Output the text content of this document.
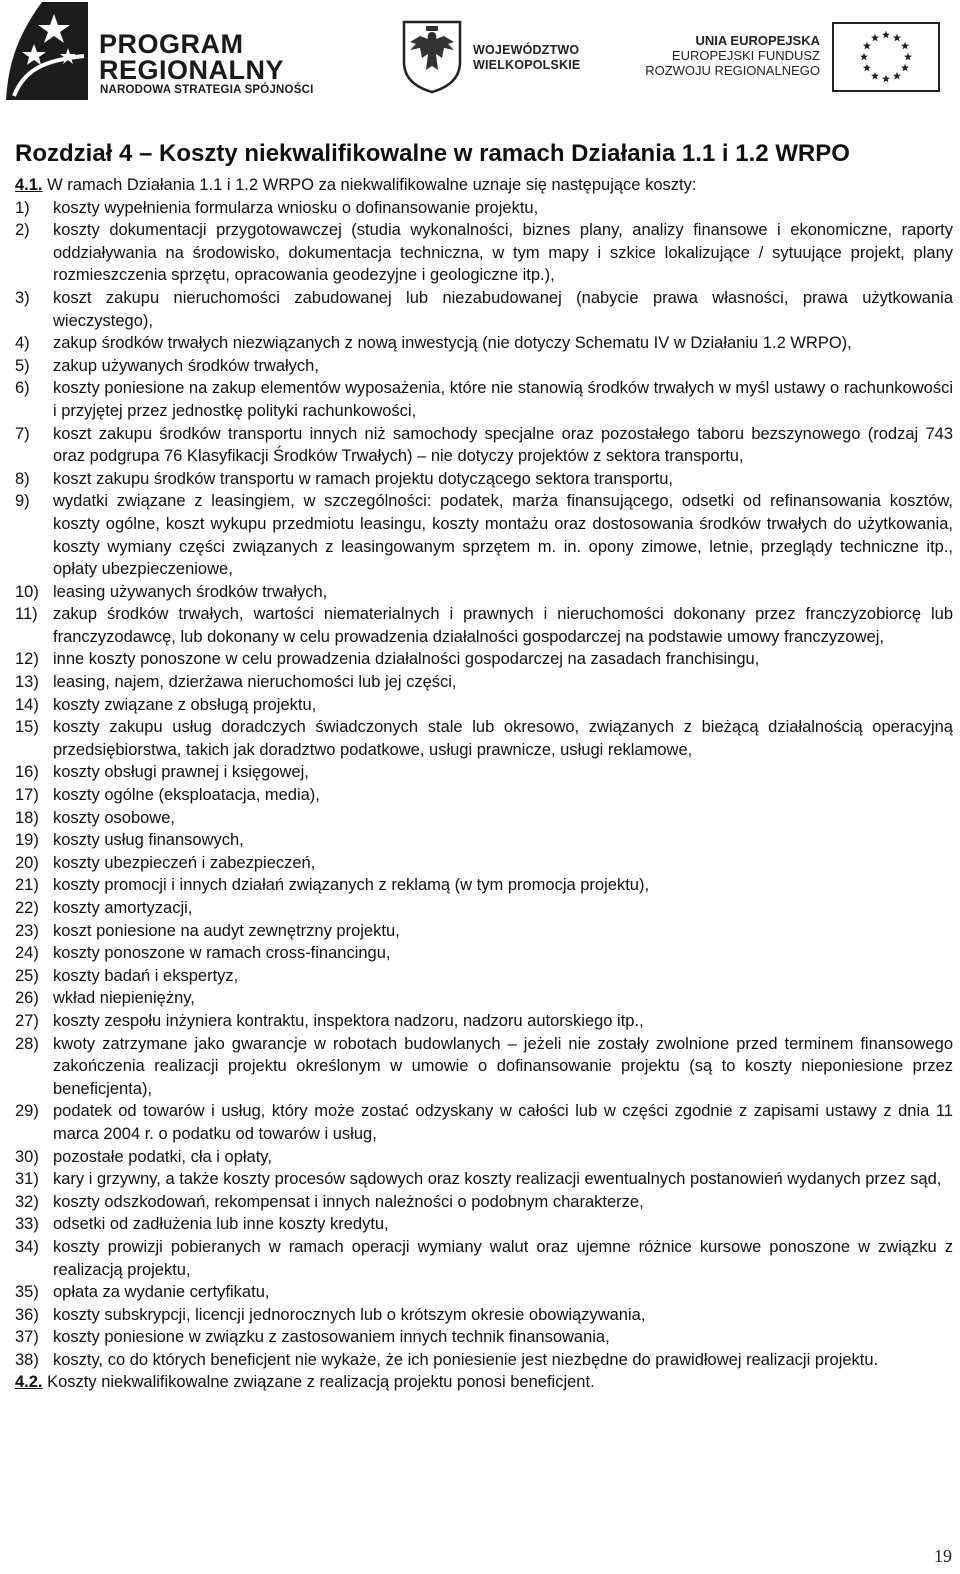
PROGRAM
REGIONALNY
NARODOWA STRATEGIA SPÓJNOŚCI
WOJEWÓDZTWO
WIELKOPOLSKIE
UNIA EUROPEJSKA
EUROPEJSKI FUNDUSZ
ROZWOJU REGIONALNEGO
Rozdział 4 – Koszty niekwalifikowalne w ramach Działania 1.1 i 1.2 WRPO

4.1. W ramach Działania 1.1 i 1.2 WRPO za niekwalifikowalne uznaje się następujące koszty:

1)	koszty wypełnienia formularza wniosku o dofinansowanie projektu,
2)	koszty dokumentacji przygotowawczej (studia wykonalności, biznes plany, analizy finansowe i ekonomiczne, raporty oddziaływania na środowisko, dokumentacja techniczna, w tym mapy i szkice lokalizujące / sytuujące projekt, plany rozmieszczenia sprzętu, opracowania geodezyjne i geologiczne itp.),
3)	koszt zakupu nieruchomości zabudowanej lub niezabudowanej (nabycie prawa własności, prawa użytkowania wieczystego),
4)	zakup środków trwałych niezwiązanych z nową inwestycją (nie dotyczy Schematu IV w Działaniu 1.2 WRPO),
5)	zakup używanych środków trwałych,
6)	koszty poniesione na zakup elementów wyposażenia, które nie stanowią środków trwałych w myśl ustawy o rachunkowości i przyjętej przez jednostkę polityki rachunkowości,
7)	koszt zakupu środków transportu innych niż samochody specjalne oraz pozostałego taboru bezszynowego (rodzaj 743 oraz podgrupa 76 Klasyfikacji Środków Trwałych) – nie dotyczy projektów z sektora transportu,
8)	koszt zakupu środków transportu w ramach projektu dotyczącego sektora transportu,
9)	wydatki związane z leasingiem, w szczególności: podatek, marża finansującego, odsetki od refinansowania kosztów, koszty ogólne, koszt wykupu przedmiotu leasingu, koszty montażu oraz dostosowania środków trwałych do użytkowania, koszty wymiany części związanych z leasingowanym sprzętem m. in. opony zimowe, letnie, przeglądy techniczne itp., opłaty ubezpieczeniowe,
10) leasing używanych środków trwałych,
11) zakup środków trwałych, wartości niematerialnych i prawnych i nieruchomości dokonany przez franczyzobiorcę lub franczyzodawcę, lub dokonany w celu prowadzenia działalności gospodarczej na podstawie umowy franczyzowej,
12) inne koszty ponoszone w celu prowadzenia działalności gospodarczej na zasadach franchisingu,
13) leasing, najem, dzierżawa nieruchomości lub jej części,
14) koszty związane z obsługą projektu,
15) koszty zakupu usług doradczych świadczonych stale lub okresowo, związanych z bieżącą działalnością operacyjną przedsiębiorstwa, takich jak doradztwo podatkowe, usługi prawnicze, usługi reklamowe,
16) koszty obsługi prawnej i księgowej,
17) koszty ogólne (eksploatacja, media),
18) koszty osobowe,
19) koszty usług finansowych,
20) koszty ubezpieczeń i zabezpieczeń,
21) koszty promocji i innych działań związanych z reklamą (w tym promocja projektu),
22) koszty amortyzacji,
23) koszt poniesione na audyt zewnętrzny projektu,
24) koszty ponoszone w ramach cross-financingu,
25) koszty badań i ekspertyz,
26) wkład niepieniężny,
27) koszty zespołu inżyniera kontraktu, inspektora nadzoru, nadzoru autorskiego itp.,
28) kwoty zatrzymane jako gwarancje w robotach budowlanych – jeżeli nie zostały zwolnione przed terminem finansowego zakończenia realizacji projektu określonym w umowie o dofinansowanie projektu (są to koszty nieponiesione przez beneficjenta),
29) podatek od towarów i usług, który może zostać odzyskany w całości lub w części zgodnie z zapisami ustawy z dnia 11 marca 2004 r. o podatku od towarów i usług,
30) pozostałe podatki, cła i opłaty,
31) kary i grzywny, a także koszty procesów sądowych oraz koszty realizacji ewentualnych postanowień wydanych przez sąd,
32) koszty odszkodowań, rekompensat i innych należności o podobnym charakterze,
33) odsetki od zadłużenia lub inne koszty kredytu,
34) koszty prowizji pobieranych w ramach operacji wymiany walut oraz ujemne różnice kursowe ponoszone w związku z realizacją projektu,
35) opłata za wydanie certyfikatu,
36) koszty subskrypcji, licencji jednorocznych lub o krótszym okresie obowiązywania,
37) koszty poniesione w związku z zastosowaniem innych technik finansowania,
38) koszty, co do których beneficjent nie wykaże, że ich poniesienie jest niezbędne do prawidłowej realizacji projektu.

4.2. Koszty niekwalifikowalne związane z realizacją projektu ponosi beneficjent.

19
